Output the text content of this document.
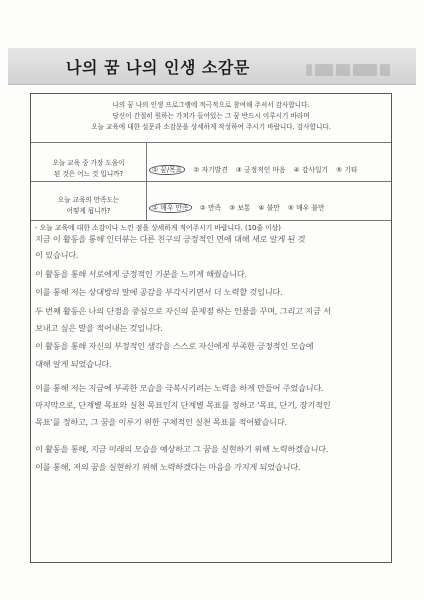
나의 꿈 나의 인생 소감문
나의 꿈 나의 인생 프로그램에 적극적으로 참여해 주셔서 감사합니다.
당신이 간절히 원하는 가치가 들어있는 그 꿈 반드시 이루시기 바라며
오늘 교육에 대한 설문과 소감문을 상세하게 작성하여 주시기 바랍니다. 감사합니다.
오늘 교육 중 가장 도움이
된 것은 어느 것 입니까?	① 꿈/목표 ② 자기발견 ③ 긍정적인 마음 ④ 감사일기 ⑤ 기타
오늘 교육의 만족도는
어떻게 됩니까?	① 매우 만족 ② 만족 ③ 보통 ④ 불만 ⑤ 매우 불만
- 오늘 교육에 대한 소감이나 느낀 점을 상세하게 적어주시기 바랍니다. (10줄 이상)
지금 이 활동을 통해 인터뷰는 다른 친구의 긍정적인 면에 대해 새로 알게 된 것
이 있습니다.
이 활동을 통해 서로에게 긍정적인 기분을 느끼게 해줬습니다.
이를 통해 저는 상대방의 말에 공감을 부각시키면서 더 노력할 것입니다.
두 번째 활동은 나의 단점을 중심으로 자신의 문제점 하는 인물을 꾸며, 그리고 지금 서
보내고 싶은 말을 적어내는 것입니다.
이 활동을 통해 자신의 부정적인 생각을 스스로 자신에게 부족한 긍정적인 모습에
대해 알게 되었습니다.
이를 통해 저는 지금에 부족한 모습을 극복시키려는 노력을 하게 만들어 주었습니다.
마지막으로, 단계별 목표와 실천 목표인지 단계별 목표를 정하고 '목표, 단기, 장기적인
목표'를 정하고, 그 꿈을 이루기 위한 구체적인 실천 목표를 적어봤습니다.
이 활동을 통해, 지금 미래의 모습을 예상하고 그 꿈을 실현하기 위해 노력하겠습니다.
이를 통해, 저의 꿈을 실현하기 위해 노력하겠다는 마음을 가지게 되었습니다.
